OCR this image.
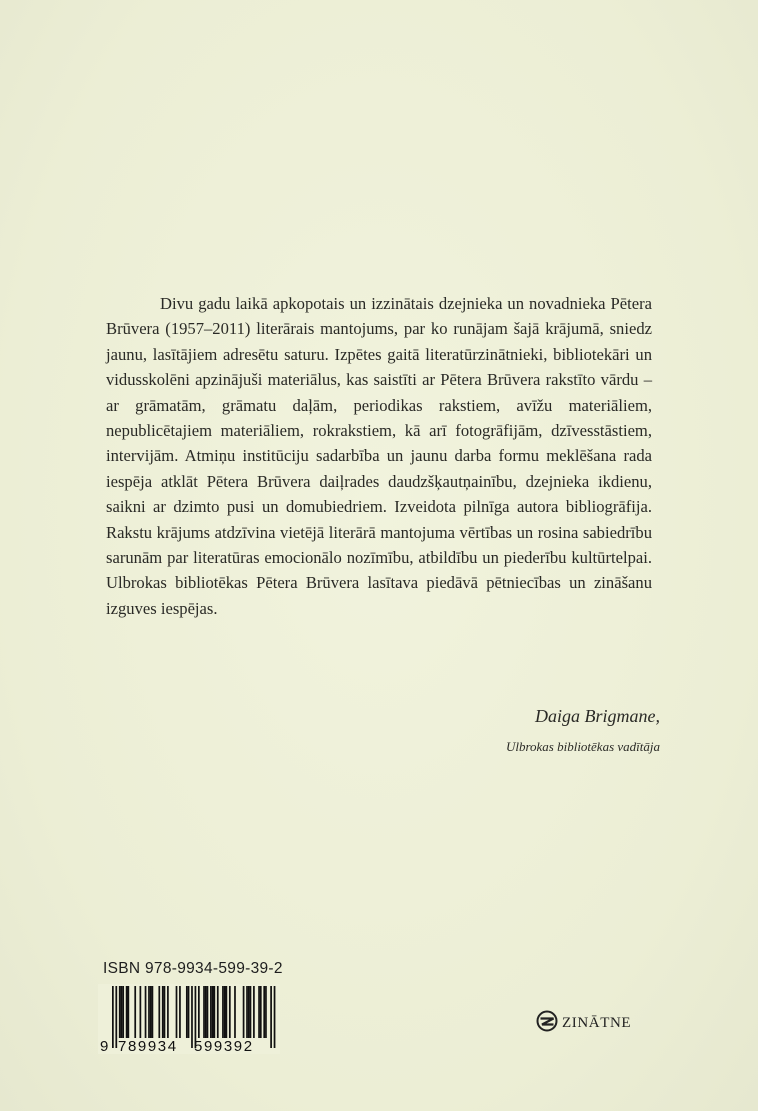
Divu gadu laikā apkopotais un izzinātais dzejnieka un novadnieka Pētera Brūvera (1957–2011) literārais mantojums, par ko runājam šajā krājumā, sniedz jaunu, lasītājiem adresētu saturu. Izpētes gaitā literatūrzinātnieki, bibliotekāri un vidusskolēni apzinājuši materiālus, kas saistīti ar Pētera Brūvera rakstīto vārdu – ar grāmatām, grāmatu daļām, periodikas rakstiem, avīžu materiāliem, nepublicētajiem materiāliem, rokrakstiem, kā arī fotogrāfijām, dzīvesstāstiem, intervijām. Atmiņu institūciju sadarbība un jaunu darba formu meklēšana rada iespēja atklāt Pētera Brūvera daiļrades daudzšķautņainību, dzejnieka ikdienu, saikni ar dzimto pusi un domubiedriem. Izveidota pilnīga autora bibliogrāfija. Rakstu krājums atdzīvina vietējā literārā mantojuma vērtības un rosina sabiedrību sarunām par literatūras emocionālo nozīmību, atbildību un piederību kultūrtelpai. Ulbrokas bibliotēkas Pētera Brūvera lasītava piedāvā pētniecības un zināšanu izguves iespējas.

Daiga Brigmane,
Ulbrokas bibliotēkas vadītāja
ISBN 978-9934-599-39-2
9 789934 599392
ZINĀTNE
